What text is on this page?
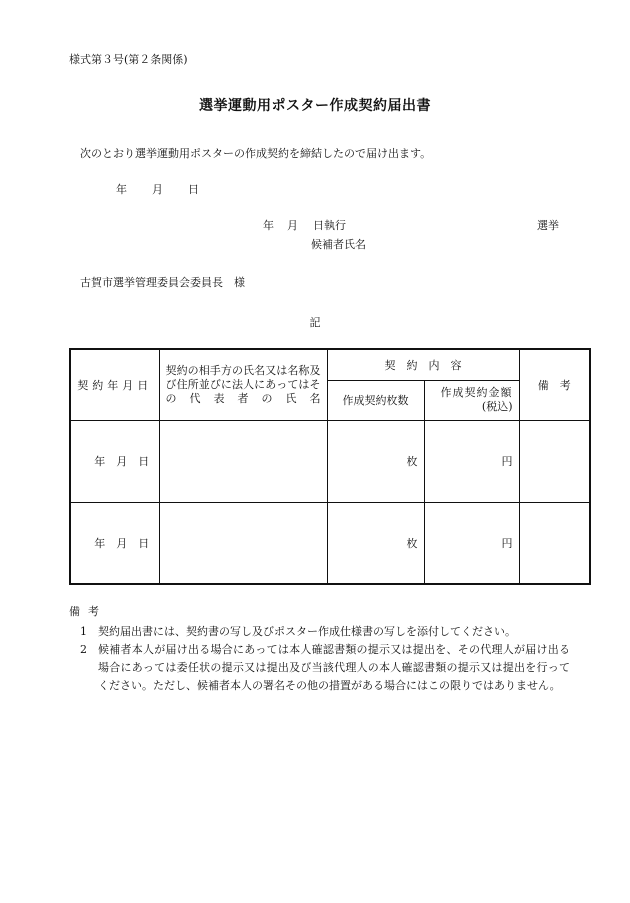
様式第３号(第２条関係)
選挙運動用ポスター作成契約届出書
次のとおり選挙運動用ポスターの作成契約を締結したので届け出ます。
年 月 日
年 月 日執行	選挙
候補者氏名
古賀市選挙管理委員会委員長　様
記
契約年月日	契約の相手方の氏名又は名称及び住所並びに法人にあってはその代表者の氏名	契　約　内　容		備　考
		作成契約枚数	作成契約金額
(税込)	

年　月　日		枚	円	
年　月　日		枚	円	
備考
1	契約届出書には、契約書の写し及びポスター作成仕様書の写しを添付してください。
2	候補者本人が届け出る場合にあっては本人確認書類の提示又は提出を、その代理人が届け出る場合にあっては委任状の提示又は提出及び当該代理人の本人確認書類の提示又は提出を行ってください。ただし、候補者本人の署名その他の措置がある場合にはこの限りではありません。
